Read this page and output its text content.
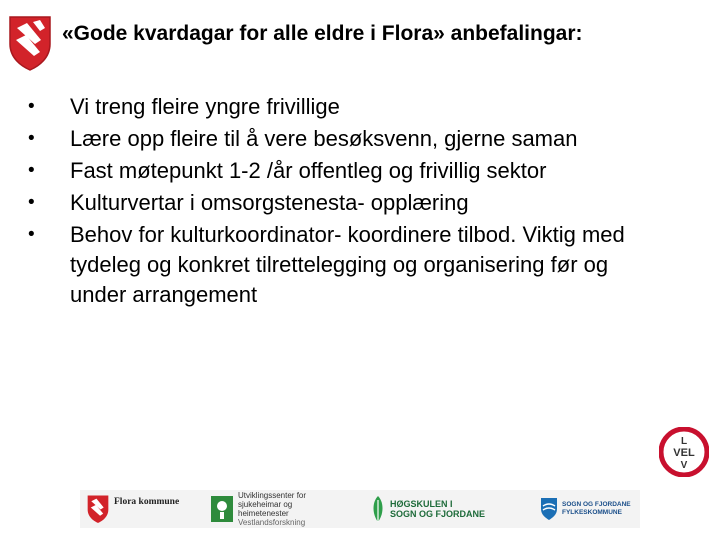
«Gode kvardagar for alle eldre i Flora» anbefalingar:
•	Vi treng fleire yngre frivillige
•	Lære opp fleire til å vere besøksvenn, gjerne saman
•	Fast møtepunkt 1-2 /år offentleg og frivillig sektor
•	Kulturvertar i omsorgstenesta- opplæring
•	Behov for kulturkoordinator- koordinere tilbod. Viktig med tydeleg og konkret tilrettelegging og organisering før og under arrangement
L
VEL
V
Flora kommune
Utviklingssenter for sjukeheimar og heimetenester
Vestlandsforskning
HØGSKULEN I
SOGN OG FJORDANE
SOGN OG FJORDANE
FYLKESKOMMUNE
